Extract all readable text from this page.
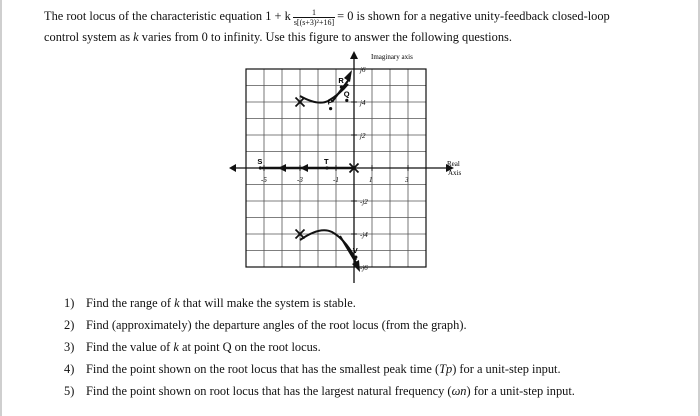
The root locus of the characteristic equation 1 + k $\frac{1}{\text{s[(s+3)²+16]}} = 0$ is shown for a negative unity-feedback closed-loop
control system as k varies from 0 to infinity. Use this figure to answer the following questions.
-5	-3	-1	1	3
j6
j4
j2
-j2
-j4
-j6
R
Q
P
S	T
V
Imaginary axis
Real
Axis
1) Find the range of k that will make the system is stable.
2) Find (approximately) the departure angles of the root locus (from the graph).
3) Find the value of k at point Q on the root locus.
4) Find the point shown on the root locus that has the smallest peak time (Tp) for a unit-step input.
5) Find the point shown on root locus that has the largest natural frequency (ωn) for a unit-step input.
